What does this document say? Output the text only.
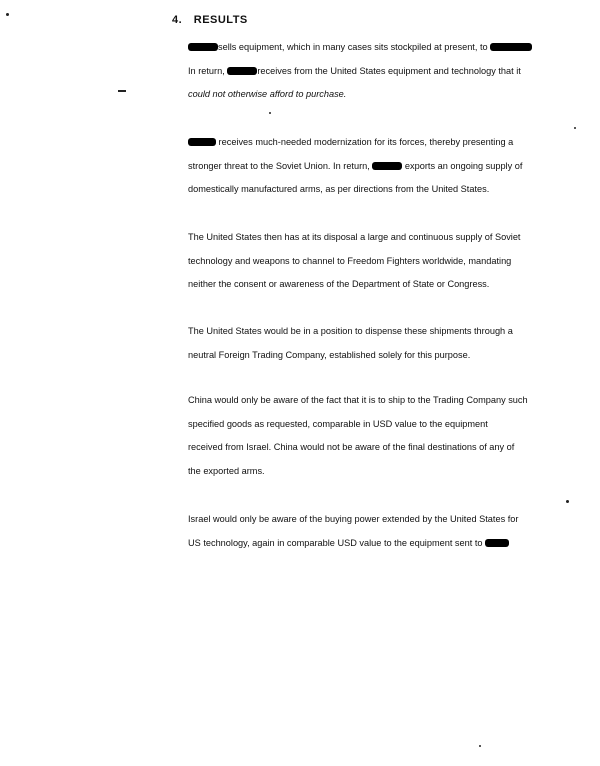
4. RESULTS
sells equipment, which in many cases sits stockpiled at present, to
In return,	receives from the United States equipment and technology that it
could not otherwise afford to purchase.
receives much-needed modernization for its forces, thereby presenting a
stronger threat to the Soviet Union. In return,	exports an ongoing supply of
domestically manufactured arms, as per directions from the United States.
The United States then has at its disposal a large and continuous supply of Soviet
technology and weapons to channel to Freedom Fighters worldwide, mandating
neither the consent or awareness of the Department of State or Congress.
The United States would be in a position to dispense these shipments through a
neutral Foreign Trading Company, established solely for this purpose.
China would only be aware of the fact that it is to ship to the Trading Company such
specified goods as requested, comparable in USD value to the equipment
received from Israel. China would not be aware of the final destinations of any of
the exported arms.
Israel would only be aware of the buying power extended by the United States for
US technology, again in comparable USD value to the equipment sent to
